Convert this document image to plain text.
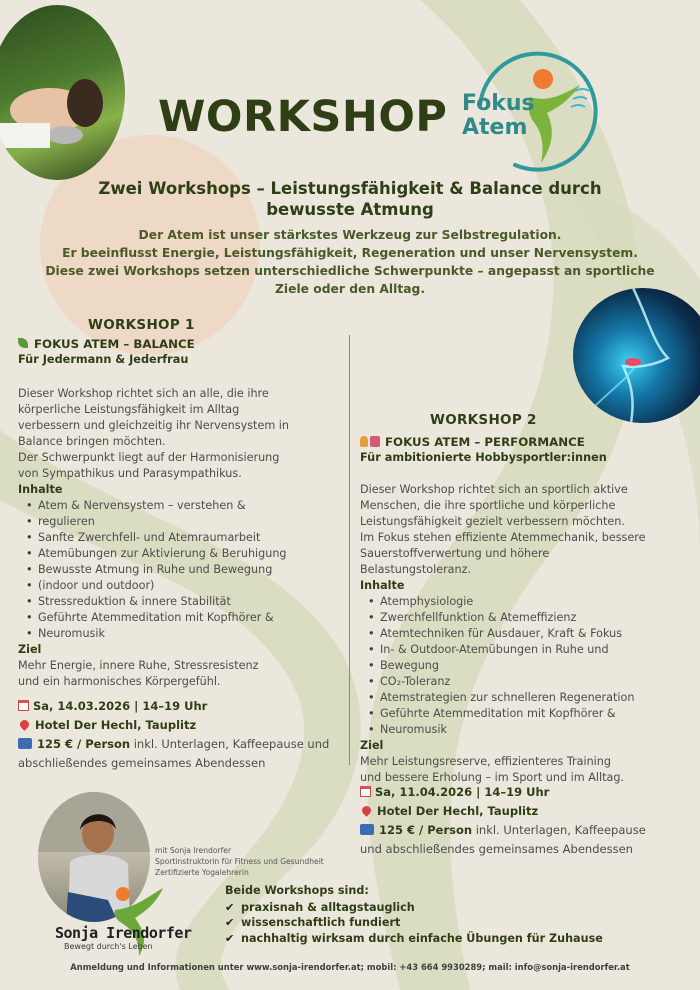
WORKSHOP Fokus
Atem
Zwei Workshops – Leistungsfähigkeit & Balance durch
bewusste Atmung
Der Atem ist unser stärkstes Werkzeug zur Selbstregulation.
Er beeinflusst Energie, Leistungsfähigkeit, Regeneration und unser Nervensystem.
Diese zwei Workshops setzen unterschiedliche Schwerpunkte – angepasst an sportliche
Ziele oder den Alltag.
WORKSHOP 1
FOKUS ATEM – BALANCE
Für Jedermann & Jederfrau
Dieser Workshop richtet sich an alle, die ihre
körperliche Leistungsfähigkeit im Alltag
verbessern und gleichzeitig ihr Nervensystem in
Balance bringen möchten.
Der Schwerpunkt liegt auf der Harmonisierung
von Sympathikus und Parasympathikus.
Inhalte
• Atem & Nervensystem – verstehen &
• regulieren

• Sanfte Zwerchfell- und Atemraumarbeit
• Atemübungen zur Aktivierung & Beruhigung
• Bewusste Atmung in Ruhe und Bewegung
• (indoor und outdoor)

• Stressreduktion & innere Stabilität
• Geführte Atemmeditation mit Kopfhörer &
• Neuromusik

Ziel
Mehr Energie, innere Ruhe, Stressresistenz
und ein harmonisches Körpergefühl.
Sa, 14.03.2026 | 14–19 Uhr
Hotel Der Hechl, Tauplitz
125 € / Person inkl. Unterlagen, Kaffeepause und
abschließendes gemeinsames Abendessen
WORKSHOP 2
FOKUS ATEM – PERFORMANCE
Für ambitionierte Hobbysportler:innen
Dieser Workshop richtet sich an sportlich aktive
Menschen, die ihre sportliche und körperliche
Leistungsfähigkeit gezielt verbessern möchten.
Im Fokus stehen effiziente Atemmechanik, bessere
Sauerstoffverwertung und höhere
Belastungstoleranz.
Inhalte
• Atemphysiologie
• Zwerchfellfunktion & Atemeffizienz
• Atemtechniken für Ausdauer, Kraft & Fokus
• In- & Outdoor-Atemübungen in Ruhe und
• Bewegung

• CO₂-Toleranz
• Atemstrategien zur schnelleren Regeneration
• Geführte Atemmeditation mit Kopfhörer &
• Neuromusik

Ziel
Mehr Leistungsreserve, effizienteres Training
und bessere Erholung – im Sport und im Alltag.
Sa, 11.04.2026 | 14–19 Uhr
Hotel Der Hechl, Tauplitz
125 € / Person inkl. Unterlagen, Kaffeepause
und abschließendes gemeinsames Abendessen
Sonja Irendorfer
Bewegt durch's Leben
mit Sonja Irendorfer
Sportinstruktorin für Fitness und Gesundheit
Zertifizierte Yogalehrerin
Beide Workshops sind:
✔ praxisnah & alltagstauglich
✔ wissenschaftlich fundiert
✔ nachhaltig wirksam durch einfache Übungen für Zuhause
Anmeldung und Informationen unter www.sonja-irendorfer.at; mobil: +43 664 9930289; mail: info@sonja-irendorfer.at
